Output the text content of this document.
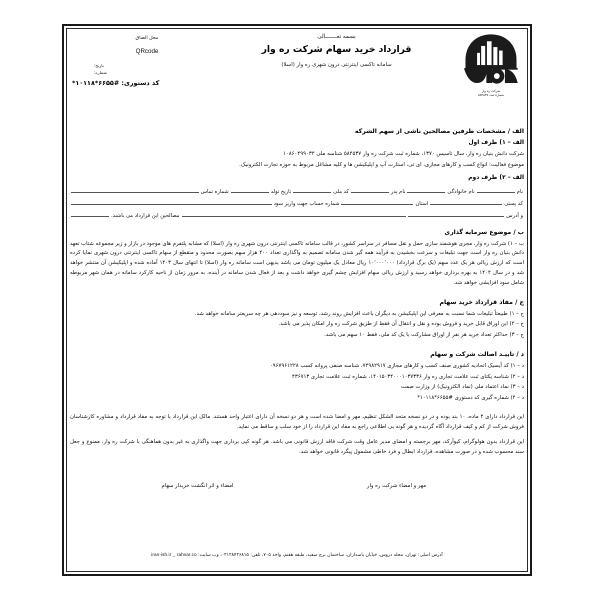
شرکت ره وار
شماره ثبت ۵۸۴۵۳۷
بسمه تعـــــــالی
قرارداد خرید سهام شرکت ره وار
سامانه تاکسی اینترنتی درون شهری ره وار (اسلا)
محل الصاق
QRcode
تاریخ:
شماره:
کد دستوری: #۶۶۵۵*۱۰۱۱۸*
الف / مشخصات طرفین مصالحین ناشی از سهم الشرکه
الف – ۱) طرف اول
شرکت دانش بنیان ره وار، سال تاسیس ۱۳۷۰، شماره ثبت شرکت ره وار ۵۸۴۵۳۷ شناسه ملی ۱۰۸۶۰۴۹۹۰۳۴
موضوع فعالیت: انواع کسب و کارهای مجازی، ای تی، استارت آپ و اپلیکیشن ها و کلیه مشاغل مربوط به حوزه تجارت الکترونیک.
الف – ۲) طرف دوم
نام
نام خانوادگی
نام پدر
کد ملی
تاریخ تولد
شماره تماس
کد پستی
استان
شماره حساب جهت واریز سود
و آدرس
مصالحین این قرارداد می باشند.
ب / موضوع سرمایه گذاری
ب – ۱) شرکت ره وار، مجری هوشمند سازی حمل و نقل مسافر در سراسر کشور، در قالب سامانه تاکسی اینترنتی درون شهری ره وار (اسلا) که مشابه پلتفرم های موجود در بازار و زیر مجموعه شتاب تعهد دانش بنیان ره وار است جهت تبلیغات و سرعت بخشیدن به فرآیند همه گیر شدن سامانه تصمیم به واگذاری تعداد ۴۰۰ هزار سهم بصورت محدود و منقطع از سهام تاکسی اینترنتی درون شهری نمایا کرده است که ارزش ریالی هر یک عدد سهم (یک برگ قرارداد) ۱۰٬۰۰۰٬۰۰۰ ریال معادل یک میلیون تومان می باشد بدیهی است سامانه ره وار (اسلا) تا انتهای سال ۱۴۰۳ آماده شده و اپلیکیشن آن منتشر خواهد شد و در سال ۱۴۰۴ به بهره برداری خواهد رسید و ارزش ریالی سهام افزایش چشم گیری خواهد داشت و بعد از فعال شدن سامانه در آینده، به مرور زمان از ناحیه کارکرد سامانه در همان شهر مربوطه شامل سود افزایشی خواهد شد.
ج / مفاد قرارداد خرید سهام
ج – ۱) طبیعتاً تبلیغات شما نسبت به معرفی این اپلیکیشن به دیگران باعث افزایش روند رشد، توسعه و نیز سوددهی هر چه سریعتر سامانه خواهد شد.
ج – ۲) این اوراق قابل خرید و فروش بوده و نقل و انتقال آن فقط از طریق شرکت ره وار امکان پذیر می باشد.
ج – ۳) حداکثر تعداد خرید هر نفر از اوراق مشارکت با یک کد ملی، فقط ۱۰ سهم می باشد.
د / تاییـد اصالت شرکت و سهام
د – ۱) کد آیسیک اتحادیه کشوری صنف کسب و کارهای مجازی ۷۴۹۸۲۹۱۷، شناسه صنفی پروانه کسب ۰۹۶۷۹۶۱۲۲۸
د – ۲) شناسه یکتای ثبت علامت تجاری ره وار ۱۴۰۱۵۰۳۴۰۰۰۱۰۳۷۳۳۶، شماره ثبت علامت تجاری ۴۳۶۷۱۳
د – ۳) نماد اعتماد ملی (نماد الکترونیک) از وزارت صمت
د – ۴) شماره گیری کد دستوری #۶۶۵۵*۱۰۱۱۸*
این قرارداد دارای ۴ ماده، ۱۰ بند بوده و در دو نسخه متحد الشکل تنظیم، مهر و امضا شده است و هر دو نسخه آن دارای اعتبار واحد هستند. مالک این قرارداد با توجه به مفاد قرارداد و مشاوره کارشناسان فروش شرکت از کم و کیف قرارداد آگاه گردیده و هر گونه بی اطلاعی راجع به مفاد این قرارداد را از خود سلب و ساقط می نماید.
این قرارداد بدون هولوگرام، کیوآرکد، مهر برجسته و امضای مدیر عامل وقت شرکت فاقد ارزش قانونی می باشد. هر گونه کپی برداری جهت واگذاری به غیر بدون هماهنگی با شرکت ره وار، ممنوع و جعل سند محسوب شده و در صورت مشاهده، قرارداد ابطال و فرد خاطی مشمول پیگرد قانونی خواهد شد.
مهر و امضاء شرکت ره وار
امضاء و اثر انگشت خریدار سهام
آدرس اصلی: تهران، محله دروس، خیابان پاسداران، ساختمان برج سفید، طبقه هفتم، واحد ۷۰۵، تلفن: ۰۲۱۲۸۴۲۶۸۱۵، وب سایت: iran-ish.ir _ rahvar.co
